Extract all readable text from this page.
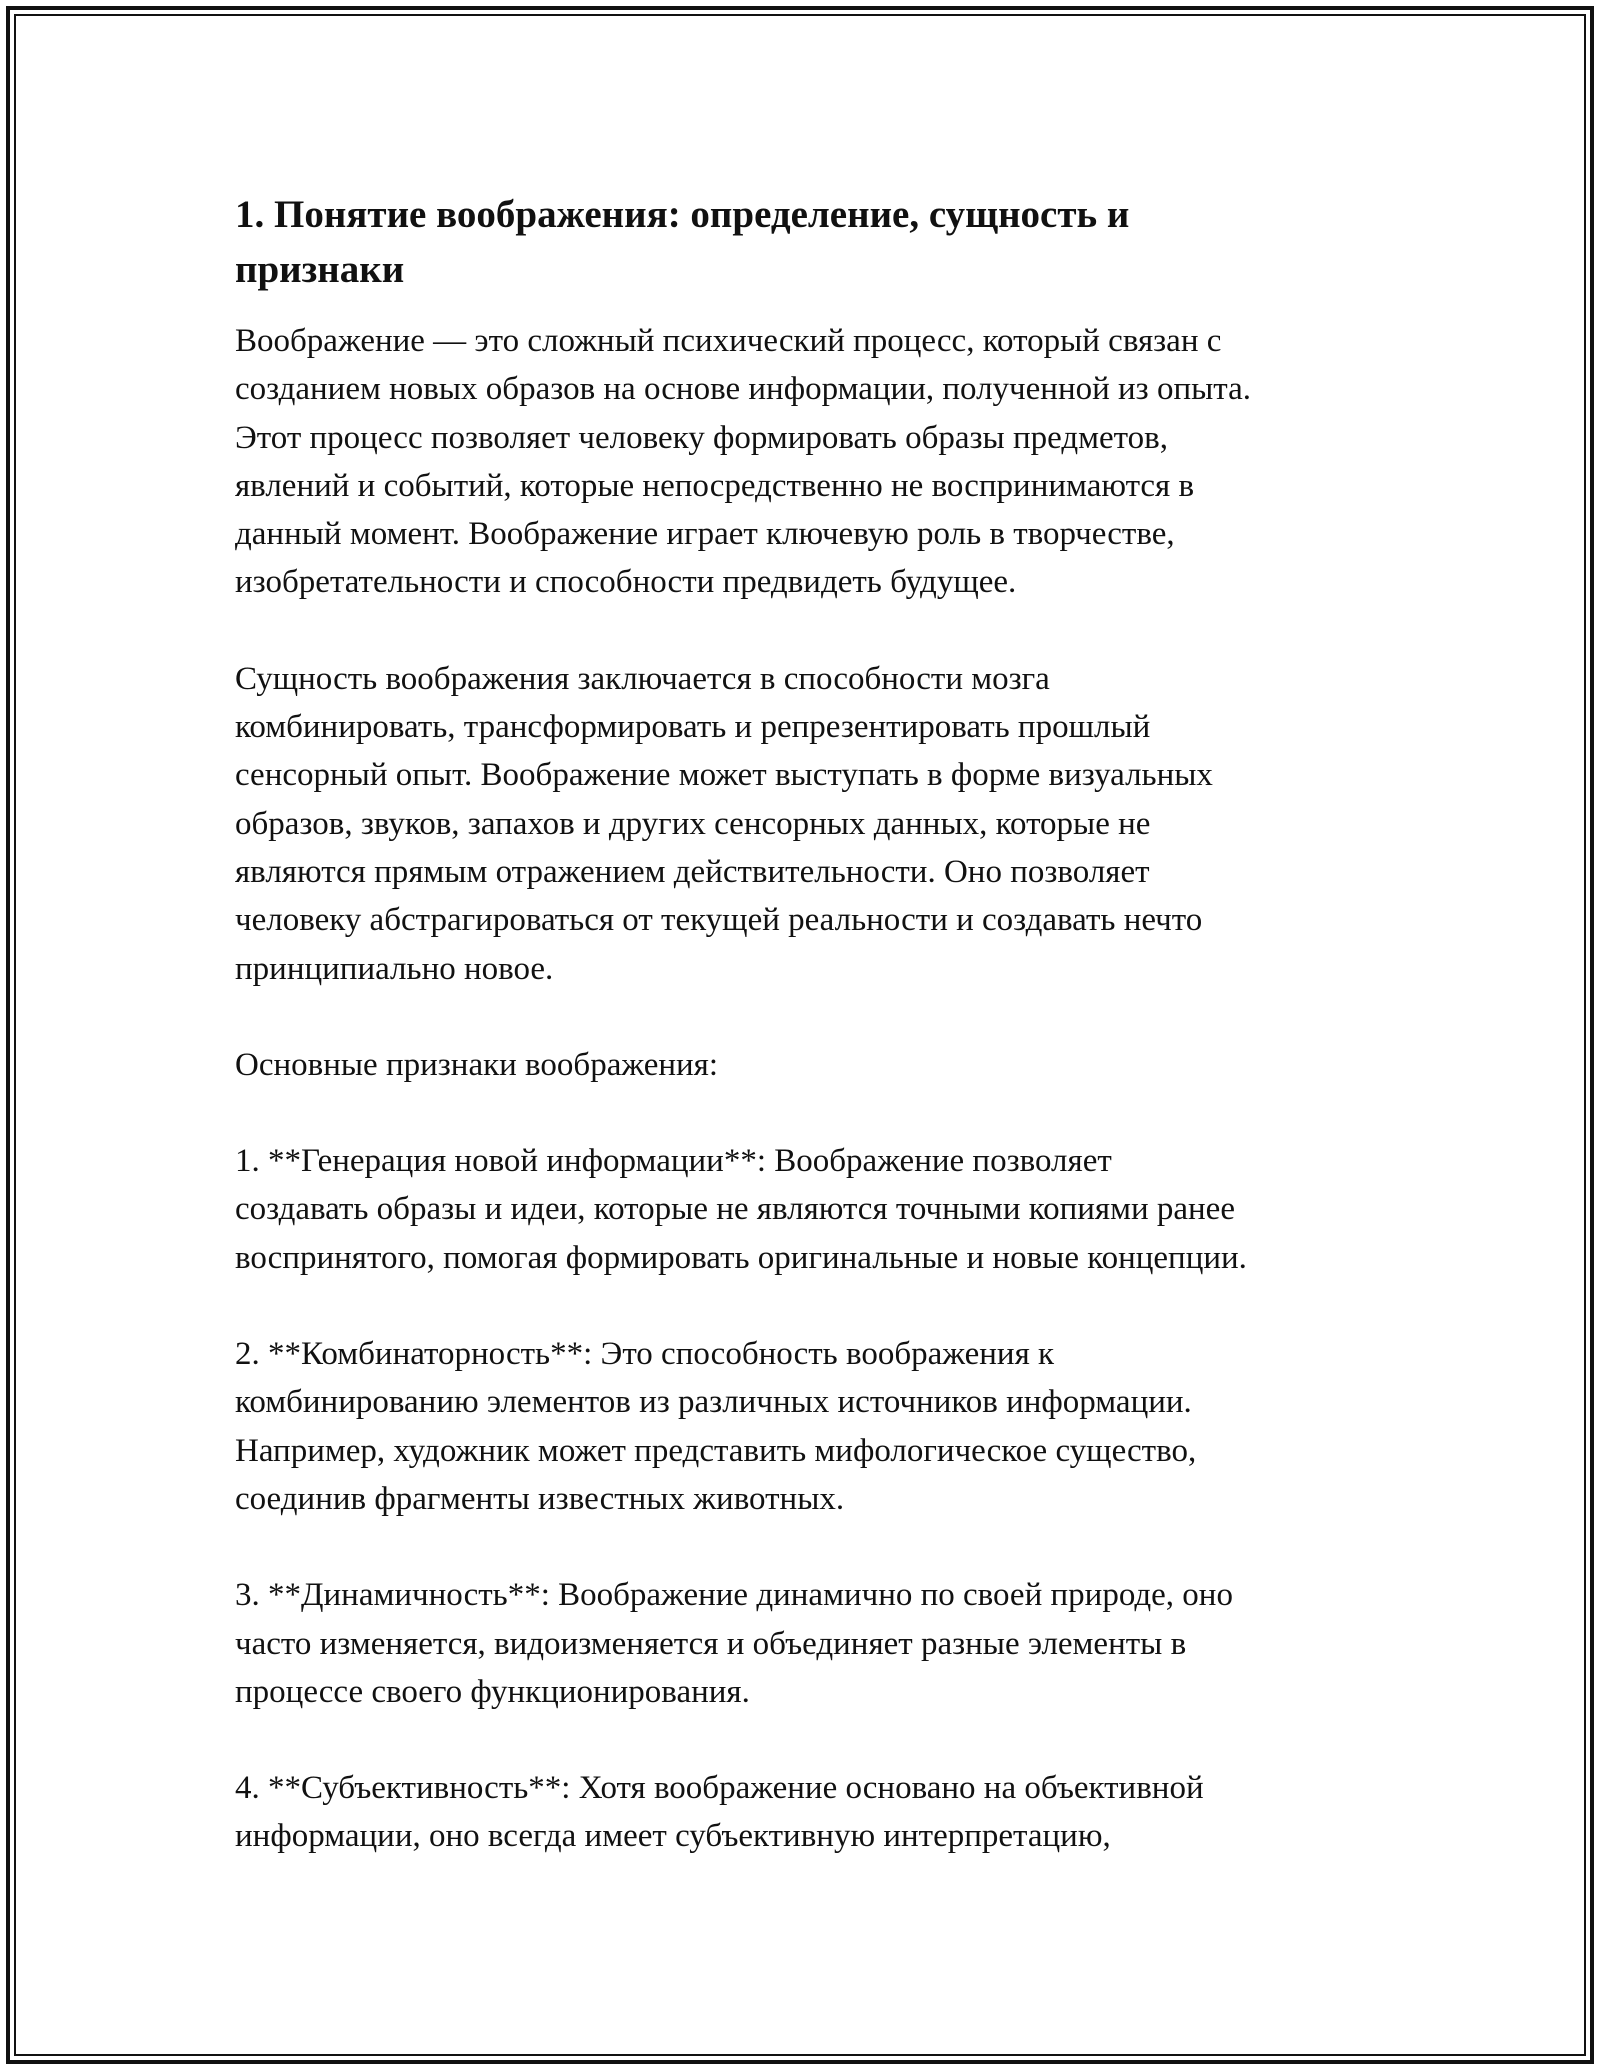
1. Понятие воображения: определение, сущность и
признаки

Воображение — это сложный психический процесс, который связан с
созданием новых образов на основе информации, полученной из опыта.
Этот процесс позволяет человеку формировать образы предметов,
явлений и событий, которые непосредственно не воспринимаются в
данный момент. Воображение играет ключевую роль в творчестве,
изобретательности и способности предвидеть будущее.

Сущность воображения заключается в способности мозга
комбинировать, трансформировать и репрезентировать прошлый
сенсорный опыт. Воображение может выступать в форме визуальных
образов, звуков, запахов и других сенсорных данных, которые не
являются прямым отражением действительности. Оно позволяет
человеку абстрагироваться от текущей реальности и создавать нечто
принципиально новое.

Основные признаки воображения:

1. **Генерация новой информации**: Воображение позволяет
создавать образы и идеи, которые не являются точными копиями ранее
воспринятого, помогая формировать оригинальные и новые концепции.

2. **Комбинаторность**: Это способность воображения к
комбинированию элементов из различных источников информации.
Например, художник может представить мифологическое существо,
соединив фрагменты известных животных.

3. **Динамичность**: Воображение динамично по своей природе, оно
часто изменяется, видоизменяется и объединяет разные элементы в
процессе своего функционирования.

4. **Субъективность**: Хотя воображение основано на объективной
информации, оно всегда имеет субъективную интерпретацию,
